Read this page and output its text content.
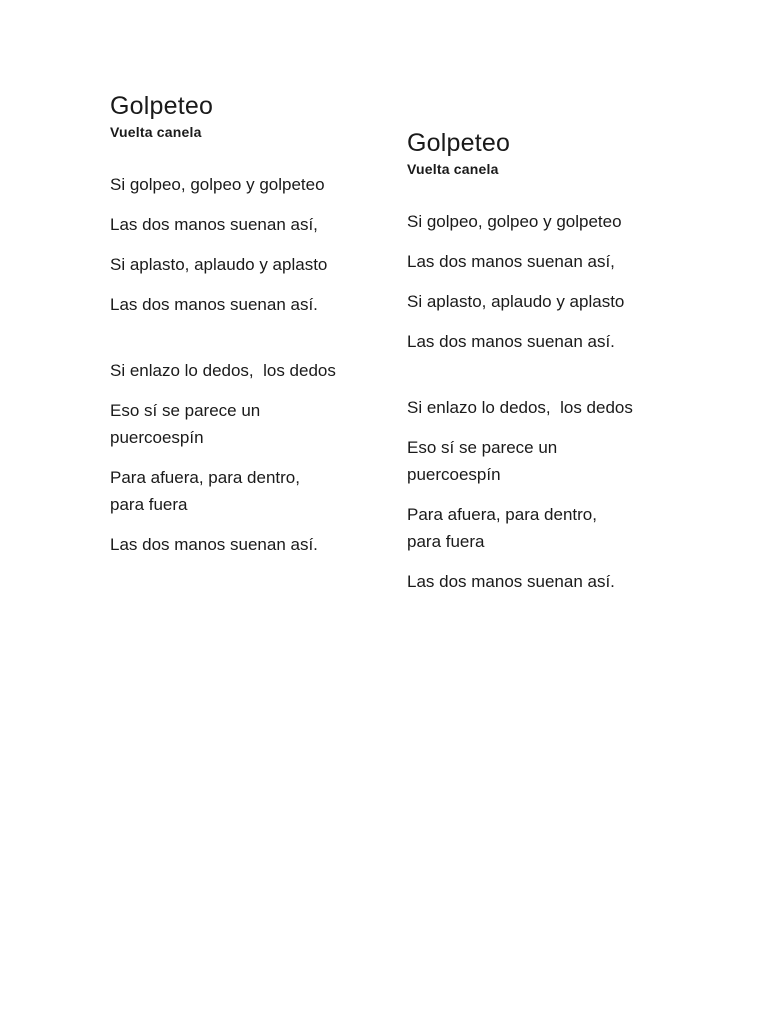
Golpeteo
Vuelta canela
Si golpeo, golpeo y golpeteo
Las dos manos suenan así,
Si aplasto, aplaudo y aplasto
Las dos manos suenan así.
Si enlazo lo dedos,  los dedos
Eso sí se parece un
puercoespín
Para afuera, para dentro,
para fuera
Las dos manos suenan así.
Golpeteo
Vuelta canela
Si golpeo, golpeo y golpeteo
Las dos manos suenan así,
Si aplasto, aplaudo y aplasto
Las dos manos suenan así.
Si enlazo lo dedos,  los dedos
Eso sí se parece un
puercoespín
Para afuera, para dentro,
para fuera
Las dos manos suenan así.
